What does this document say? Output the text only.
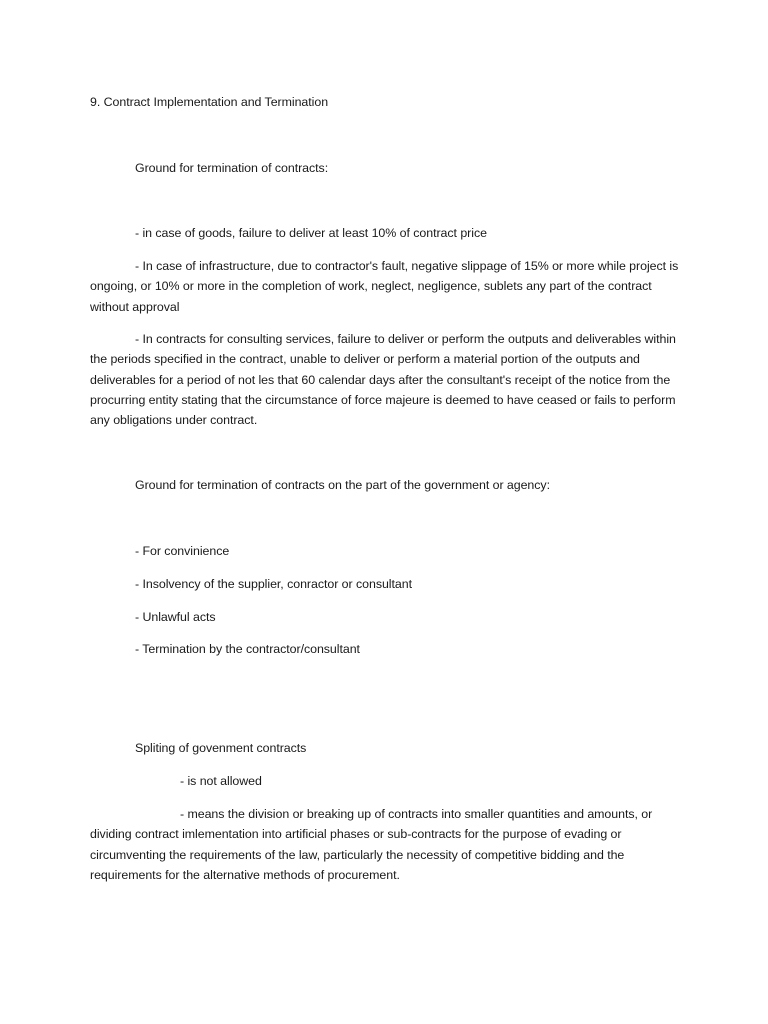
9. Contract Implementation and Termination
Ground for termination of contracts:
- in case of goods, failure to deliver at least 10% of contract price
- In case of infrastructure, due to contractor's fault, negative slippage of 15% or more while project is ongoing, or 10% or more in the completion of work, neglect, negligence, sublets any part of the contract without approval
- In contracts for consulting services, failure to deliver or perform the outputs and deliverables within the periods specified in the contract, unable to deliver or perform a material portion of the outputs and deliverables for a period of not les that 60 calendar days after the consultant's receipt of the notice from the procurring entity stating that the circumstance of force majeure is deemed to have ceased or fails to perform any obligations under contract.
Ground for termination of contracts on the part of the government or agency:
- For convinience
- Insolvency of the supplier, conractor or consultant
- Unlawful acts
- Termination by the contractor/consultant
Spliting of govenment contracts
- is not allowed
- means the division or breaking up of contracts into smaller quantities and amounts, or dividing contract imlementation into artificial phases or sub-contracts for the purpose of evading or circumventing the requirements of the law, particularly the necessity of competitive bidding and the requirements for the alternative methods of procurement.
